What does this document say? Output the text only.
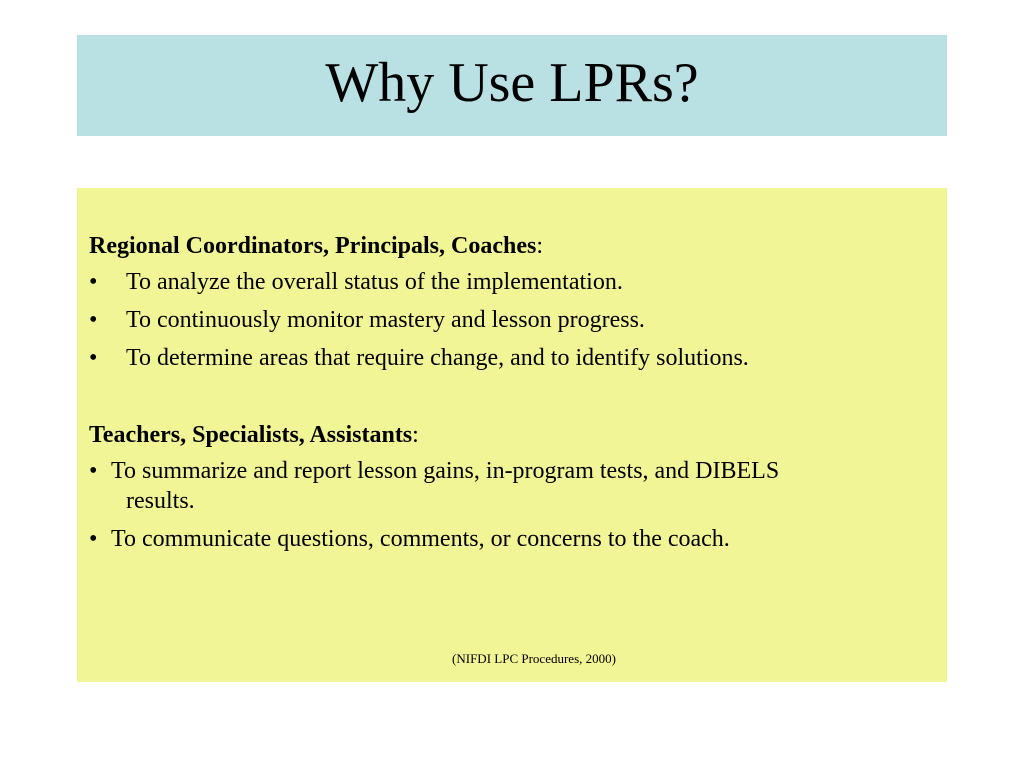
Why Use LPRs?
Regional Coordinators, Principals, Coaches:
• To analyze the overall status of the implementation.
• To continuously monitor mastery and lesson progress.
• To determine areas that require change, and to identify solutions.
Teachers, Specialists, Assistants:
• To summarize and report lesson gains, in-program tests, and DIBELS
results.
• To communicate questions, comments, or concerns to the coach.
(NIFDI LPC Procedures, 2000)
